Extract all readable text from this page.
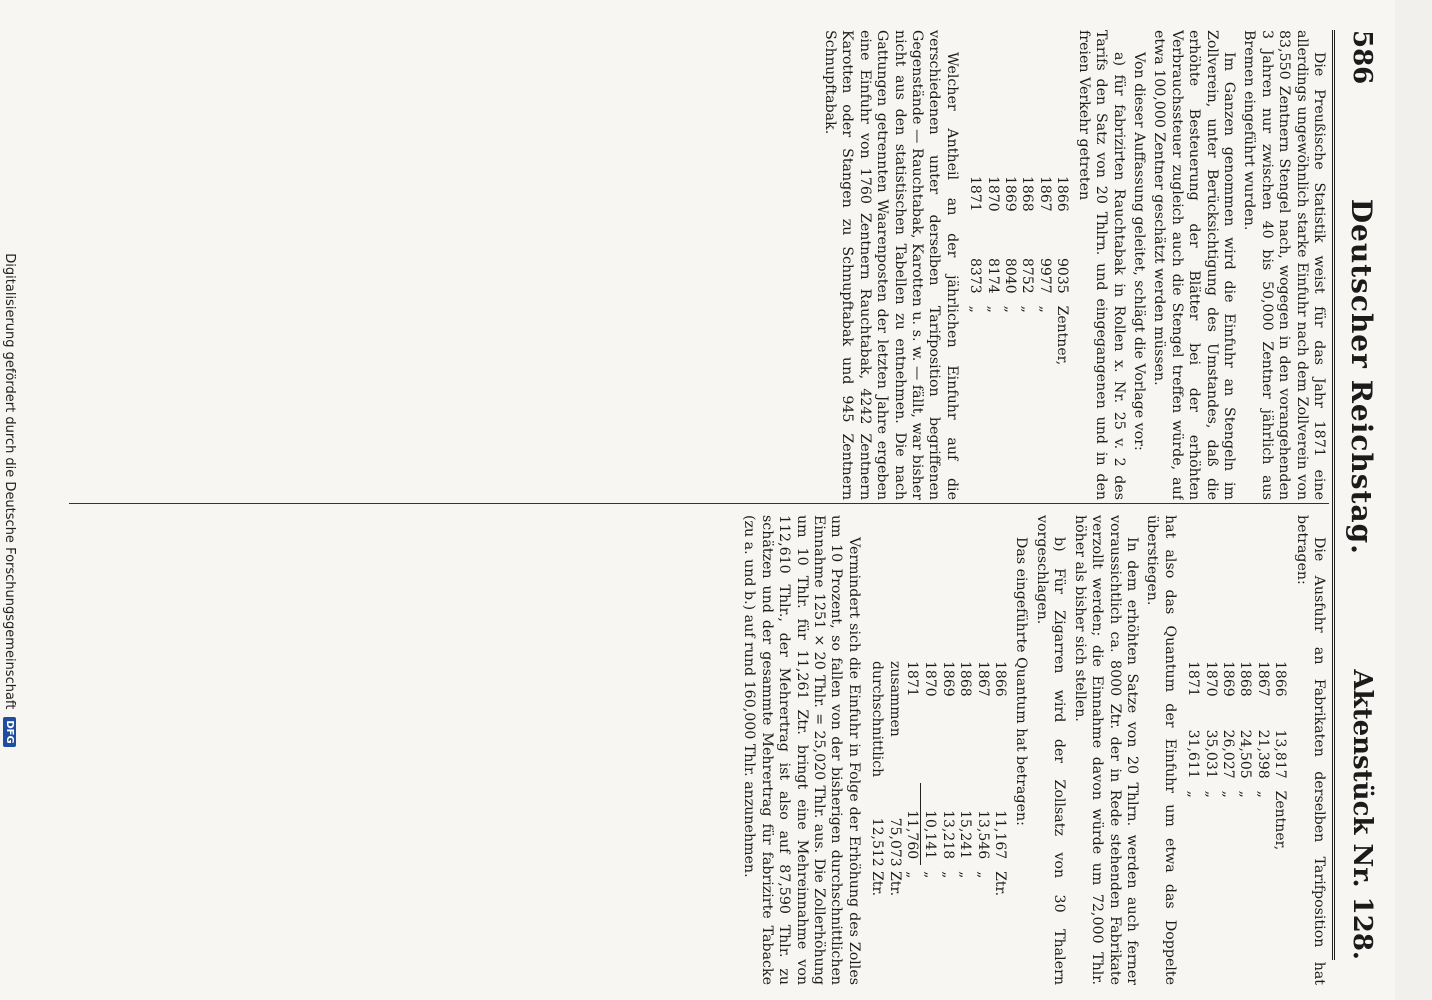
586
Deutscher Reichstag.
Aktenstück Nr. 128.

Die Preußische Statistik weist für das Jahr 1871 eine allerdings ungewöhnlich starke Einfuhr nach dem Zollverein von 83,550 Zentnern Stengel nach, wogegen in den vorangehenden 3 Jahren nur zwischen 40 bis 50,000 Zentner jährlich aus Bremen eingeführt wurden.

Im Ganzen genommen wird die Einfuhr an Stengeln im Zollverein, unter Berücksichtigung des Umstandes, daß die erhöhte Besteuerung der Blätter bei der erhöhten Verbrauchssteuer zugleich auch die Stengel treffen würde, auf etwa 100,000 Zentner geschätzt werden müssen.

Von dieser Auffassung geleitet, schlägt die Vorlage vor:

a) für fabrizirten Rauchtabak in Rollen x. Nr. 25 v. 2 des Tarifs den Satz von 20 Thlrn. und eingegangenen und in den freien Verkehr getreten

1866	9035	Zentner,
1867	9977	„
1868	8752	„
1869	8040	„
1870	8174	„
1871	8373	„

Welcher Antheil an der jährlichen Einfuhr auf die verschiedenen unter derselben Tarifposition begriffenen Gegenstände — Rauchtabak, Karotten u. s. w. — fällt, war bisher nicht aus den statistischen Tabellen zu entnehmen. Die nach Gattungen getrennten Waarenposten der letzten Jahre ergeben eine Einfuhr von 1760 Zentnern Rauchtabak, 4242 Zentnern Karotten oder Stangen zu Schnupftabak und 945 Zentnern Schnupftabak.

Die Ausfuhr an Fabrikaten derselben Tarifposition hat betragen:

1866	13,817	Zentner,
1867	21,398	„
1868	24,505	„
1869	26,027	„
1870	35,031	„
1871	31,611	„

hat also das Quantum der Einfuhr um etwa das Doppelte überstiegen.

In dem erhöhten Satze von 20 Thlrn. werden auch ferner voraussichtlich ca. 8000 Ztr. der in Rede stehenden Fabrikate verzollt werden; die Einnahme davon würde um 72,000 Thlr. höher als bisher sich stellen.

b) Für Zigarren wird der Zollsatz von 30 Thalern vorgeschlagen.

Das eingeführte Quantum hat betragen:

1866	11,167	Ztr.
1867	13,546	„
1868	15,241	„
1869	13,218	„
1870	10,141	„
1871	11,760	„
zusammen	75,073 Ztr.	
durchschnittlich	12,512 Ztr.	

Vermindert sich die Einfuhr in Folge der Erhöhung des Zolles um 10 Prozent, so fallen von der bisherigen durchschnittlichen Einnahme 1251 × 20 Thlr. = 25,020 Thlr. aus. Die Zollerhöhung um 10 Thlr. für 11,261 Ztr. bringt eine Mehreinnahme von 112,610 Thlr., der Mehrertrag ist also auf 87,590 Thlr. zu schätzen und der gesammte Mehrertrag für fabrizirte Tabacke (zu a. und b.) auf rund 160,000 Thlr. anzunehmen.

Digitalisierung gefördert durch die Deutsche Forschungsgemeinschaft
DFG
